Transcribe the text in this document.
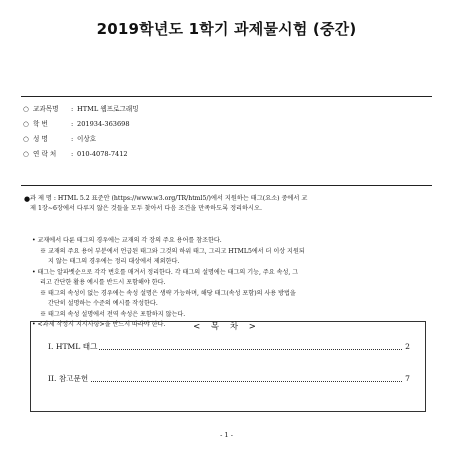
2019학년도 1학기 과제물시험 (중간)
○ 교과목명 : HTML 웹프로그래밍
○ 학 번	: 201934-363698
○ 성 명	: 이상호
○ 연 락 처 : 010-4078-7412
● 과 제 명 : HTML 5.2 표준안 (https://www.w3.org/TR/html5/)에서 지원하는 태그(요소) 중에서 교
제 1장~6장에서 다루지 않은 것들을 모두 찾아서 다음 조건을 만족하도록 정리하시오.
• 교재에서 다룬 태그의 경우에는 교재의 각 장의 주요 용어를 참조한다.
※ 교재의 주요 용어 부분에서 언급된 태그와 그것의 하위 태그, 그리고 HTML5에서 더 이상 지원되
지 않는 태그의 경우에는 정리 대상에서 제외한다.
• 태그는 알파벳순으로 각각 번호를 매겨서 정리한다. 각 태그의 설명에는 태그의 기능, 주요 속성, 그
리고 간단한 활용 예시를 반드시 포함해야 한다.
※ 태그의 속성이 없는 경우에는 속성 설명은 생략 가능하며, 해당 태그(속성 포함)의 사용 방법을
간단히 설명하는 수준의 예시를 작성한다.
※ 태그의 속성 설명에서 전역 속성은 포함하지 않는다.
• <과제 작성시 지시사항>을 반드시 따라야 한다.	< 목 차 >
I. HTML 태그	2
II. 참고문헌	7
- 1 -
